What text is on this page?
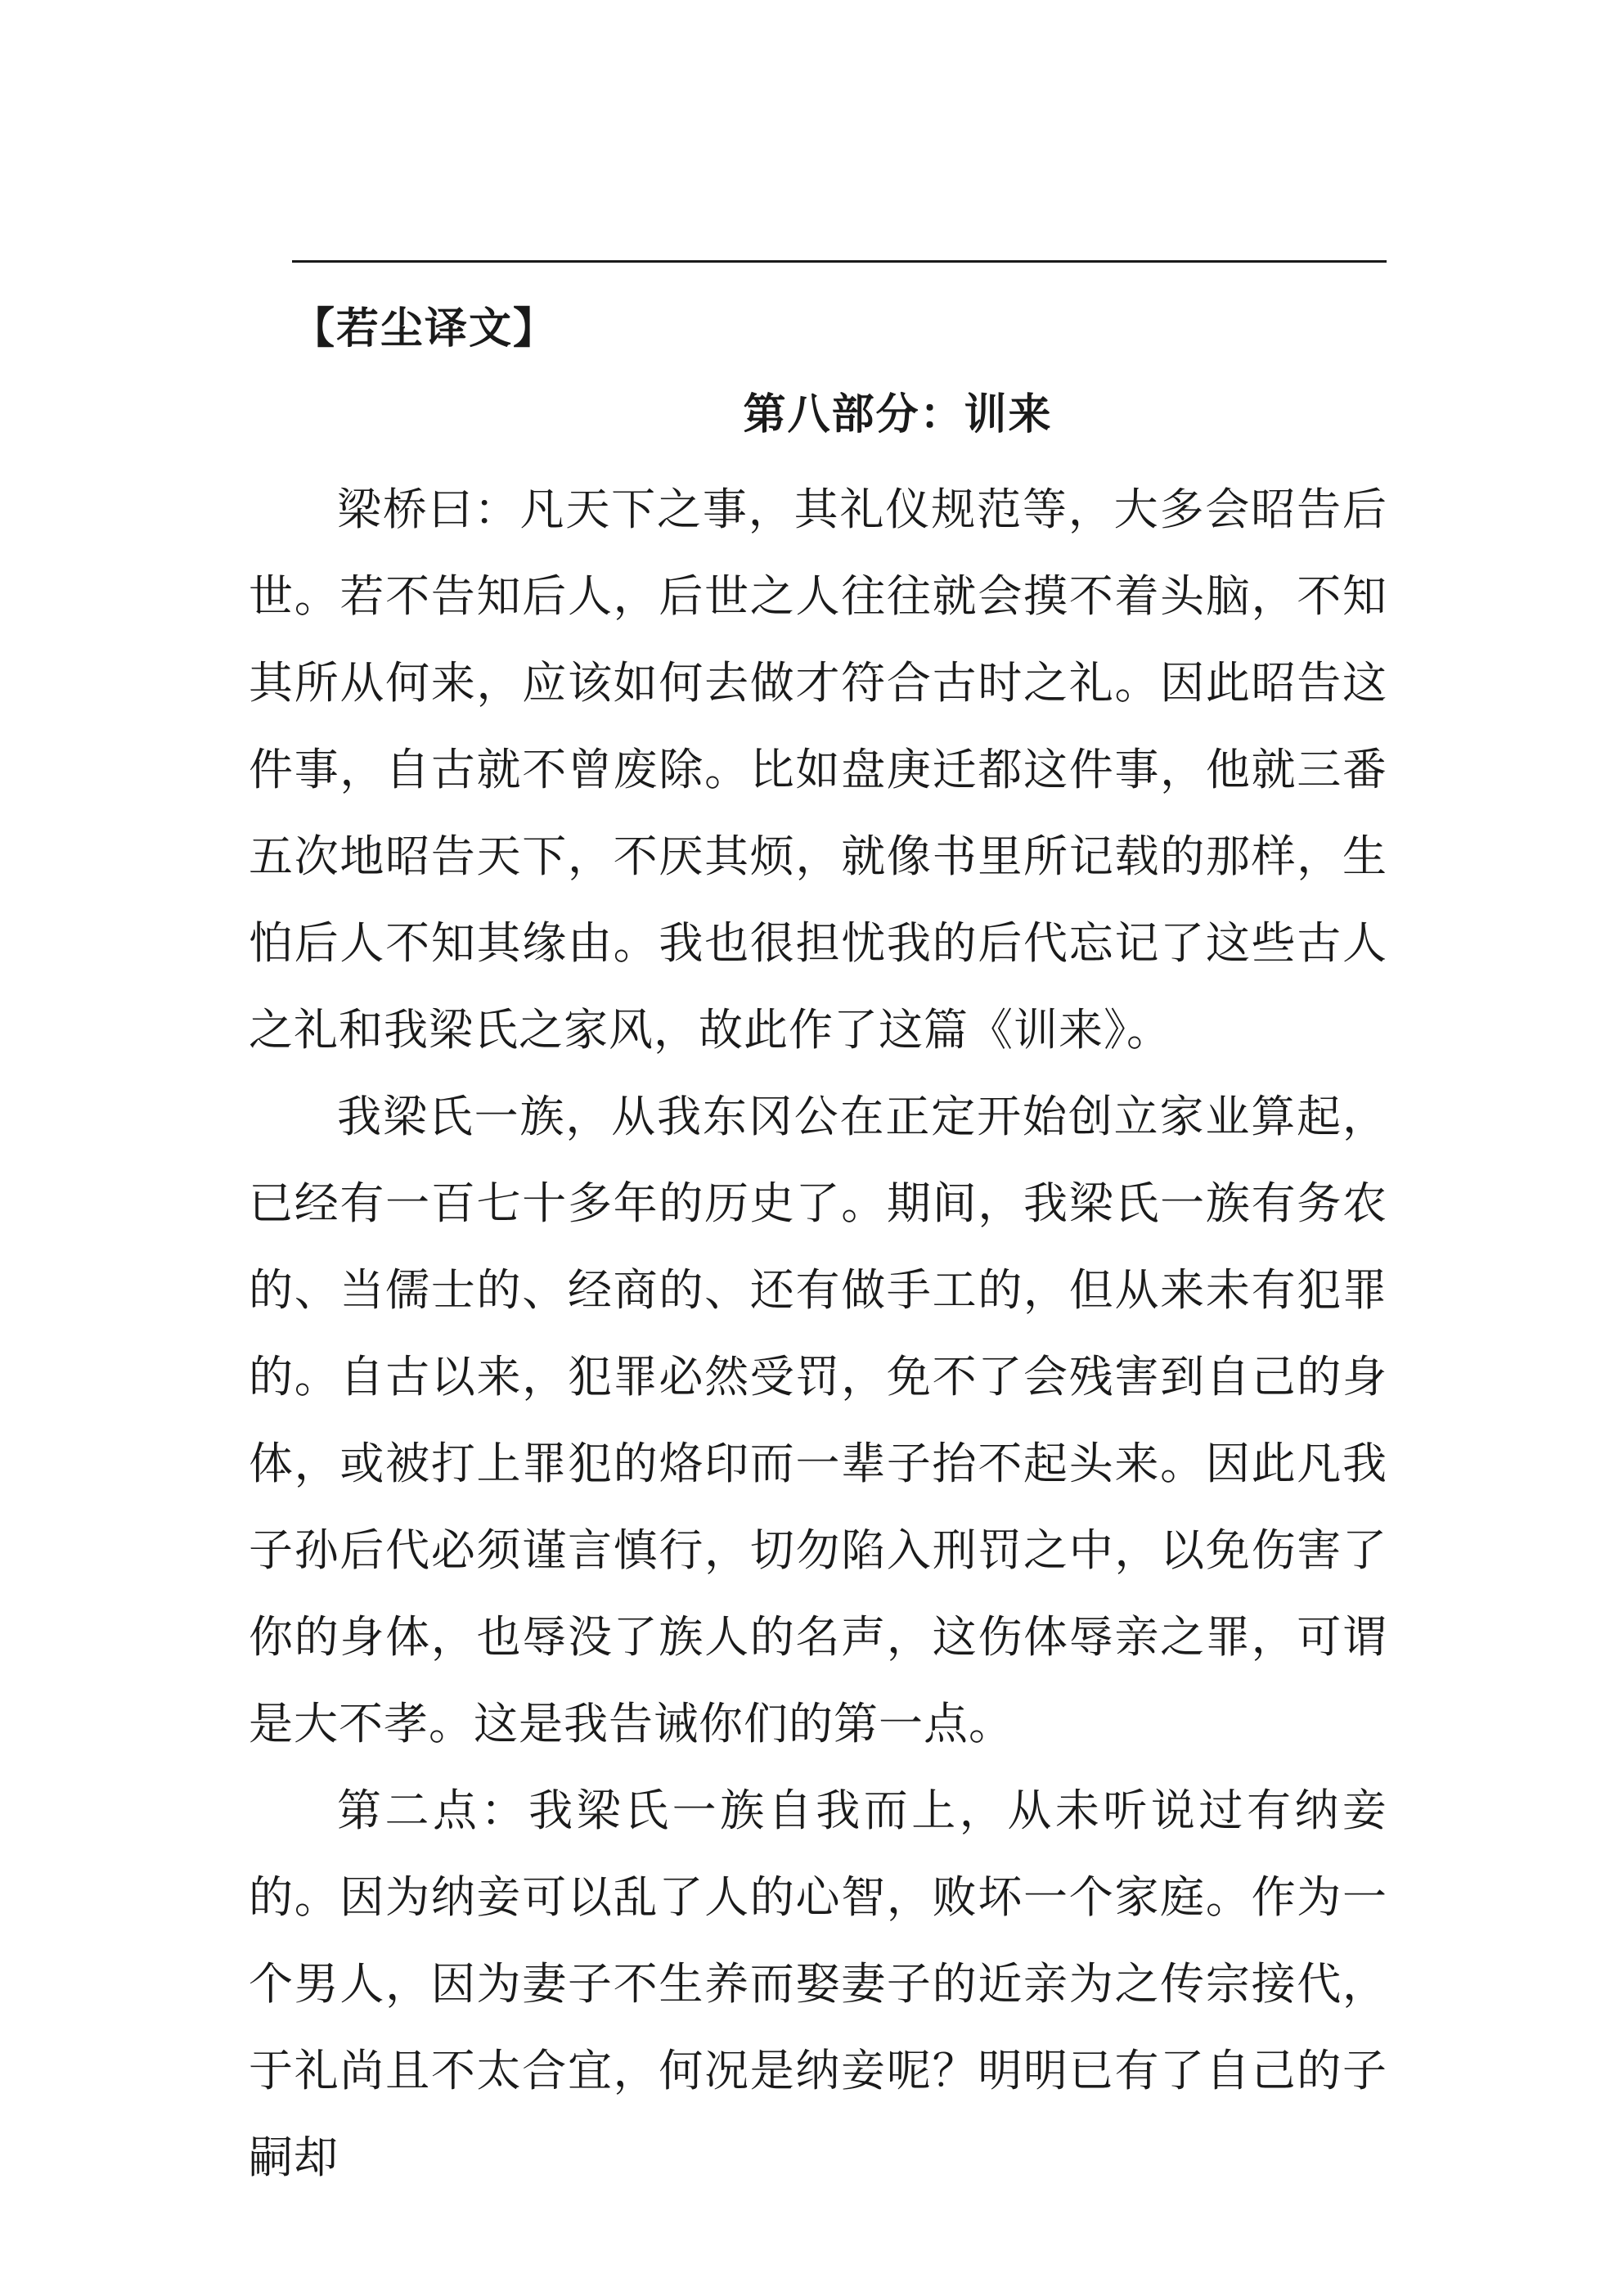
【若尘译文】
第八部分：训来

梁桥曰：凡天下之事，其礼仪规范等，大多会昭告后世。若不告知后人，后世之人往往就会摸不着头脑，不知其所从何来，应该如何去做才符合古时之礼。因此昭告这件事，自古就不曾废除。比如盘庚迁都这件事，他就三番五次地昭告天下，不厌其烦，就像书里所记载的那样，生怕后人不知其缘由。我也很担忧我的后代忘记了这些古人之礼和我梁氏之家风，故此作了这篇《训来》。

我梁氏一族，从我东冈公在正定开始创立家业算起，已经有一百七十多年的历史了。期间，我梁氏一族有务农的、当儒士的、经商的、还有做手工的，但从来未有犯罪的。自古以来，犯罪必然受罚，免不了会残害到自己的身体，或被打上罪犯的烙印而一辈子抬不起头来。因此凡我子孙后代必须谨言慎行，切勿陷入刑罚之中，以免伤害了你的身体，也辱没了族人的名声，这伤体辱亲之罪，可谓是大不孝。这是我告诫你们的第一点。

第二点：我梁氏一族自我而上，从未听说过有纳妾的。因为纳妾可以乱了人的心智，败坏一个家庭。作为一个男人，因为妻子不生养而娶妻子的近亲为之传宗接代，于礼尚且不太合宜，何况是纳妾呢？明明已有了自己的子嗣却
